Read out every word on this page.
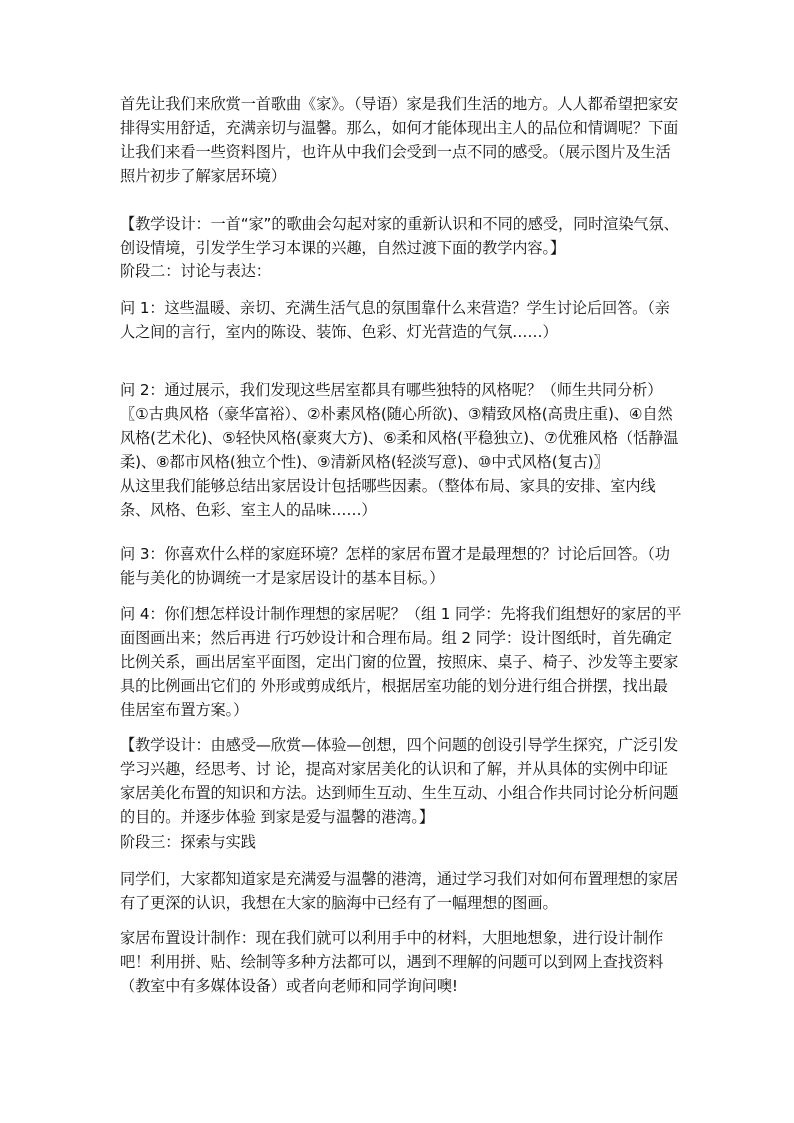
首先让我们来欣赏一首歌曲《家》。（导语）家是我们生活的地方。人人都希望把家安排得实用舒适，充满亲切与温馨。那么，如何才能体现出主人的品位和情调呢？下面让我们来看一些资料图片，也许从中我们会受到一点不同的感受。（展示图片及生活照片初步了解家居环境）

【教学设计：一首“家”的歌曲会勾起对家的重新认识和不同的感受，同时渲染气氛、创设情境，引发学生学习本课的兴趣，自然过渡下面的教学内容。】

阶段二：讨论与表达：

问 1：这些温暖、亲切、充满生活气息的氛围靠什么来营造？学生讨论后回答。（亲人之间的言行，室内的陈设、装饰、色彩、灯光营造的气氛……）

问 2：通过展示，我们发现这些居室都具有哪些独特的风格呢？（师生共同分析）〖①古典风格（豪华富裕）、②朴素风格(随心所欲)、③精致风格(高贵庄重)、④自然风格(艺术化)、⑤轻快风格(豪爽大方)、⑥柔和风格(平稳独立)、⑦优雅风格（恬静温柔)、⑧都市风格(独立个性)、⑨清新风格(轻淡写意)、⑩中式风格(复古)〗
从这里我们能够总结出家居设计包括哪些因素。（整体布局、家具的安排、室内线条、风格、色彩、室主人的品味……）

问 3：你喜欢什么样的家庭环境？怎样的家居布置才是最理想的？讨论后回答。（功能与美化的协调统一才是家居设计的基本目标。）

问 4：你们想怎样设计制作理想的家居呢？（组 1 同学：先将我们组想好的家居的平面图画出来；然后再进 行巧妙设计和合理布局。组 2 同学：设计图纸时，首先确定比例关系，画出居室平面图，定出门窗的位置，按照床、桌子、椅子、沙发等主要家具的比例画出它们的 外形或剪成纸片，根据居室功能的划分进行组合拼摆，找出最佳居室布置方案。）

【教学设计：由感受—欣赏—体验—创想，四个问题的创设引导学生探究，广泛引发学习兴趣，经思考、讨 论，提高对家居美化的认识和了解，并从具体的实例中印证家居美化布置的知识和方法。达到师生互动、生生互动、小组合作共同讨论分析问题的目的。并逐步体验 到家是爱与温馨的港湾。】

阶段三：探索与实践

同学们，大家都知道家是充满爱与温馨的港湾，通过学习我们对如何布置理想的家居有了更深的认识，我想在大家的脑海中已经有了一幅理想的图画。

家居布置设计制作：现在我们就可以利用手中的材料，大胆地想象，进行设计制作吧！利用拼、贴、绘制等多种方法都可以，遇到不理解的问题可以到网上查找资料（教室中有多媒体设备）或者向老师和同学询问噢!
